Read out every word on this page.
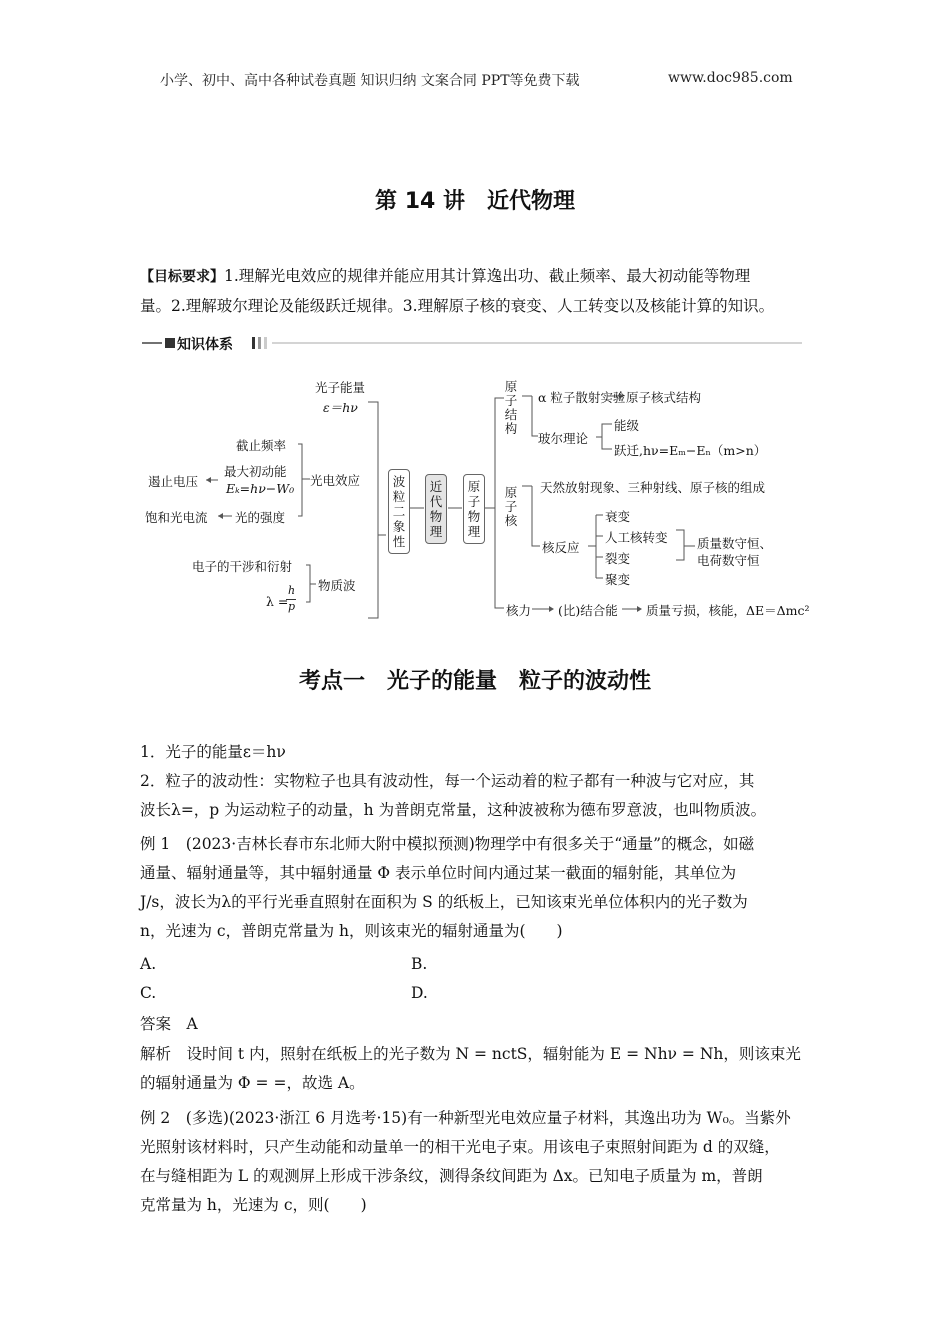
小学、初中、高中各种试卷真题 知识归纳 文案合同 PPT等免费下载	www.doc985.com
第 14 讲　近代物理
【目标要求】1.理解光电效应的规律并能应用其计算逸出功、截止频率、最大初动能等物理
量。2.理解玻尔理论及能级跃迁规律。3.理解原子核的衰变、人工转变以及核能计算的知识。
知识体系
光子能量
ε＝hν
截止频率
最大初动能
Eₖ=hν−W₀
遏止电压
饱和光电流 光的强度
光电效应
电子的干涉和衍射
λ =
h
p
物质波
波
粒
二
象
性
近
代
物
理
原
子
物
理
原
子
结
构
α 粒子散射实验 原子核式结构
玻尔理论
能级
跃迁,hν=Eₘ−Eₙ（m>n）
原
子
核
天然放射现象、三种射线、原子核的组成
核反应
衰变
人工核转变
裂变
聚变
质量数守恒、
电荷数守恒
核力 (比)结合能 质量亏损，核能，ΔE＝Δmc²
考点一　光子的能量　粒子的波动性
1．光子的能量ε＝hν
2．粒子的波动性：实物粒子也具有波动性，每一个运动着的粒子都有一种波与它对应，其
波长λ=，p 为运动粒子的动量，h 为普朗克常量，这种波被称为德布罗意波，也叫物质波。
例 1　(2023·吉林长春市东北师大附中模拟预测)物理学中有很多关于“通量”的概念，如磁
通量、辐射通量等，其中辐射通量 Φ 表示单位时间内通过某一截面的辐射能，其单位为
J/s，波长为λ的平行光垂直照射在面积为 S 的纸板上，已知该束光单位体积内的光子数为
n，光速为 c，普朗克常量为 h，则该束光的辐射通量为(　　)
A.	B.
C.	D.
答案　A
解析　设时间 t 内，照射在纸板上的光子数为 N = nctS，辐射能为 E = Nhν = Nh，则该束光
的辐射通量为 Φ = =，故选 A。
例 2　(多选)(2023·浙江 6 月选考·15)有一种新型光电效应量子材料，其逸出功为 W₀。当紫外
光照射该材料时，只产生动能和动量单一的相干光电子束。用该电子束照射间距为 d 的双缝，
在与缝相距为 L 的观测屏上形成干涉条纹，测得条纹间距为 Δx。已知电子质量为 m，普朗
克常量为 h，光速为 c，则(　　)
